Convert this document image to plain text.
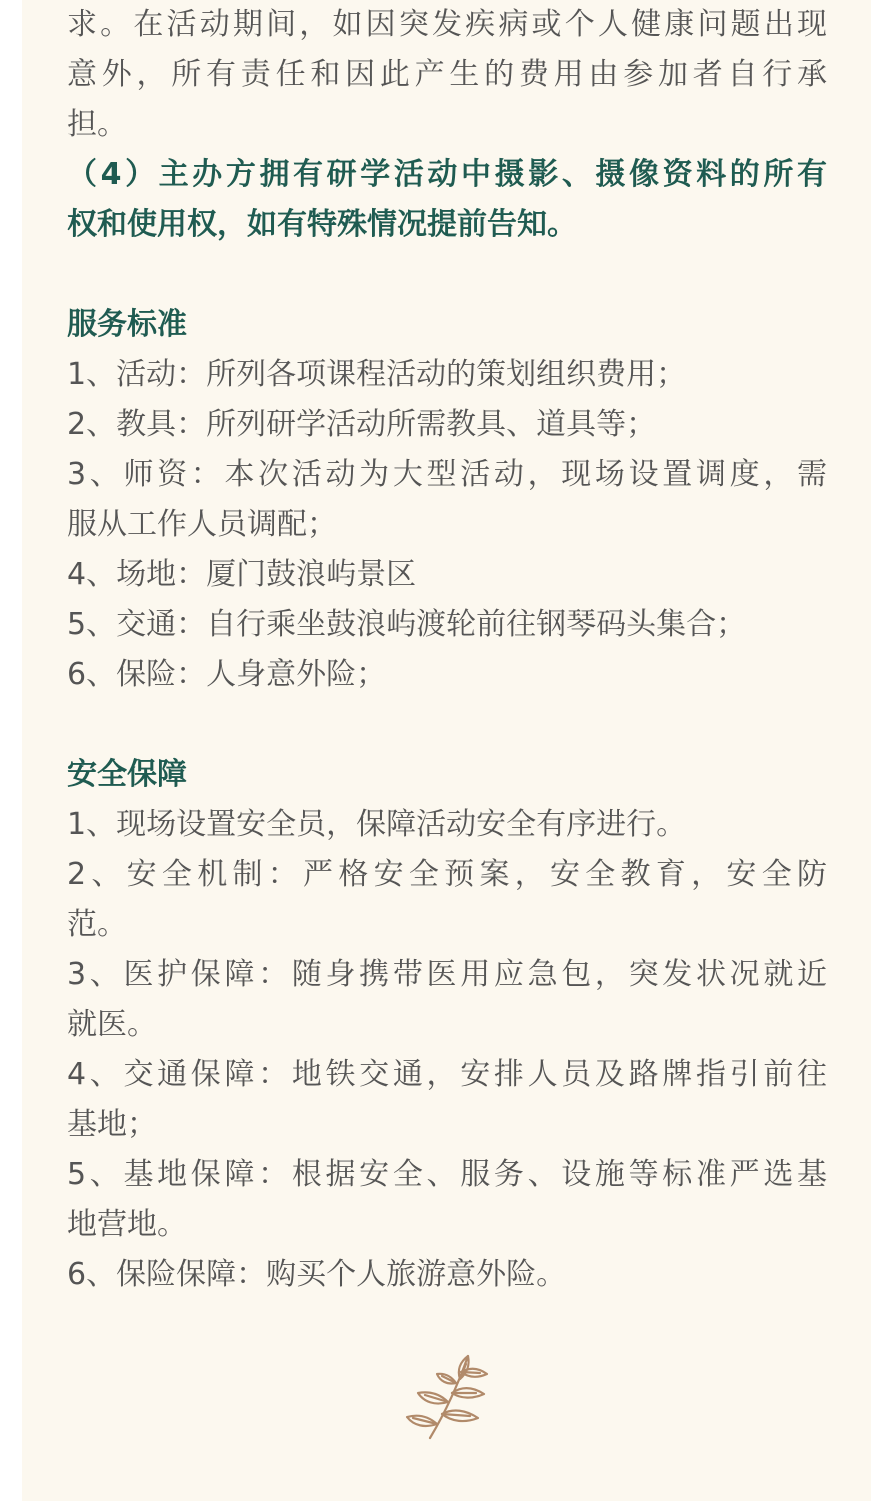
求。在活动期间，如因突发疾病或个人健康问题出现
意外，所有责任和因此产生的费用由参加者自行承
担。
（4）主办方拥有研学活动中摄影、摄像资料的所有
权和使用权，如有特殊情况提前告知。
服务标准
1、活动：所列各项课程活动的策划组织费用；
2、教具：所列研学活动所需教具、道具等；
3、师资：本次活动为大型活动，现场设置调度，需
服从工作人员调配；
4、场地：厦门鼓浪屿景区
5、交通：自行乘坐鼓浪屿渡轮前往钢琴码头集合；
6、保险：人身意外险；
安全保障
1、现场设置安全员，保障活动安全有序进行。
2、安全机制：严格安全预案，安全教育，安全防
范。
3、医护保障：随身携带医用应急包，突发状况就近
就医。
4、交通保障：地铁交通，安排人员及路牌指引前往
基地；
5、基地保障：根据安全、服务、设施等标准严选基
地营地。
6、保险保障：购买个人旅游意外险。
